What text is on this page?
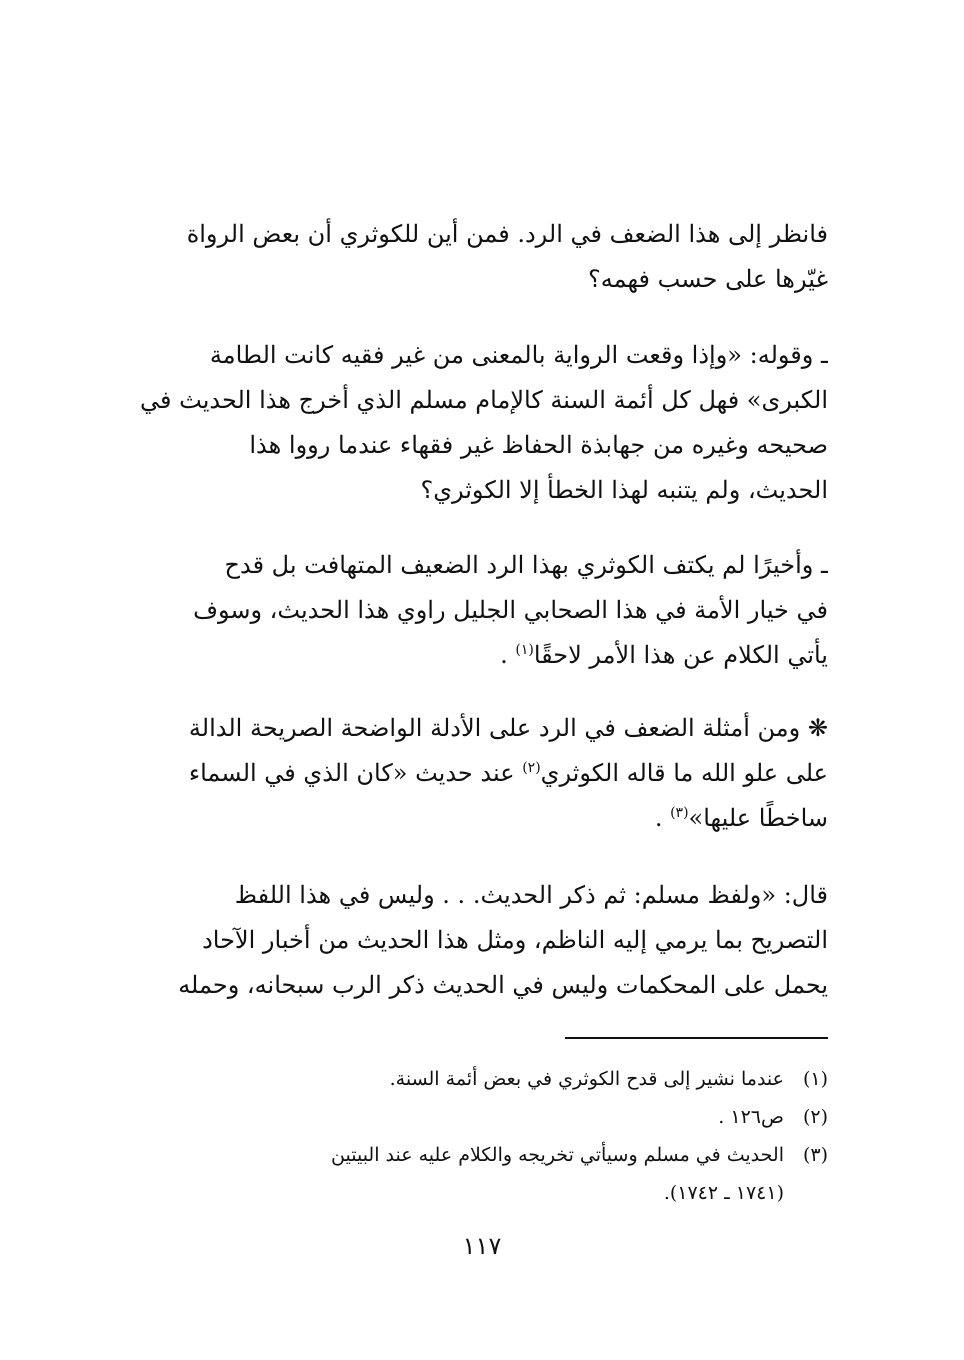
فانظر إلى هذا الضعف في الرد. فمن أين للكوثري أن بعض الرواة
غيّرها على حسب فهمه؟

ـ وقوله: «وإذا وقعت الرواية بالمعنى من غير فقيه كانت الطامة
الكبرى» فهل كل أئمة السنة كالإمام مسلم الذي أخرج هذا الحديث في
صحيحه وغيره من جهابذة الحفاظ غير فقهاء عندما رووا هذا
الحديث، ولم يتنبه لهذا الخطأ إلا الكوثري؟

ـ وأخيرًا لم يكتف الكوثري بهذا الرد الضعيف المتهافت بل قدح
في خيار الأمة في هذا الصحابي الجليل راوي هذا الحديث، وسوف
يأتي الكلام عن هذا الأمر لاحقًا$^{(١)}$ .

❋ ومن أمثلة الضعف في الرد على الأدلة الواضحة الصريحة الدالة
على علو الله ما قاله الكوثري$^{(٢)}$ عند حديث «كان الذي في السماء
ساخطًا عليها»$^{(٣)}$ .

قال: «ولفظ مسلم: ثم ذكر الحديث. . . وليس في هذا اللفظ
التصريح بما يرمي إليه الناظم، ومثل هذا الحديث من أخبار الآحاد
يحمل على المحكمات وليس في الحديث ذكر الرب سبحانه، وحمله

(١)
عندما نشير إلى قدح الكوثري في بعض أئمة السنة.
(٢)
ص١٢٦ .
(٣)
الحديث في مسلم وسيأتي تخريجه والكلام عليه عند البيتين
(١٧٤١ ـ ١٧٤٢).
١١٧
